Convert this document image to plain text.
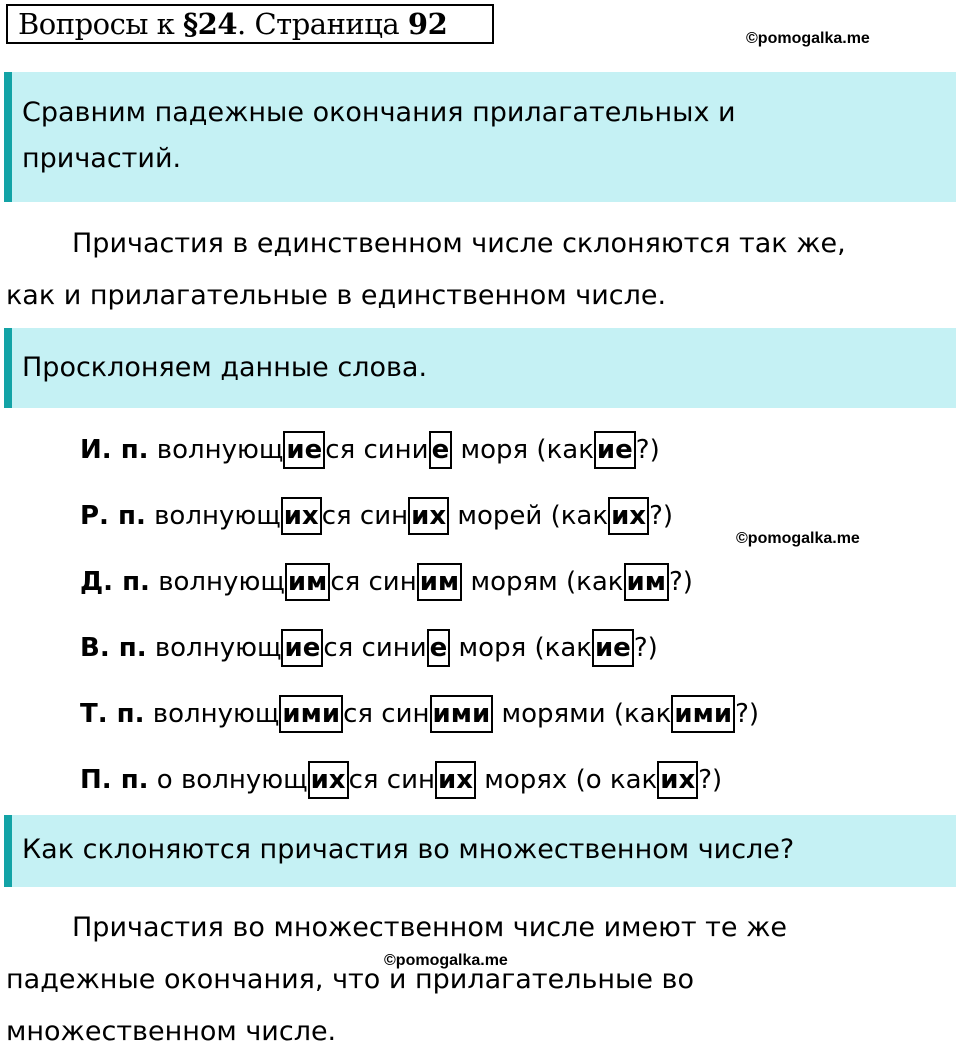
Вопросы к §24. Страница 92	©pomogalka.me
Сравним падежные окончания прилагательных и причастий.
Причастия в единственном числе склоняются так же,
как и прилагательные в единственном числе.
Просклоняем данные слова.
И. п. волнующ ие ся сини е моря (как ие ?)
Р. п. волнующ их ся син их морей (как их ?)
Д. п. волнующ им ся син им морям (как им ?)
В. п. волнующ ие ся сини е моря (как ие ?)
Т. п. волнующ ими ся син ими морями (как ими ?)
П. п. о волнующ их ся син их морях (о как их ?)
©pomogalka.me
Как склоняются причастия во множественном числе?
Причастия во множественном числе имеют те же
падежные окончания, что и прилагательные во
множественном числе.
©pomogalka.me
